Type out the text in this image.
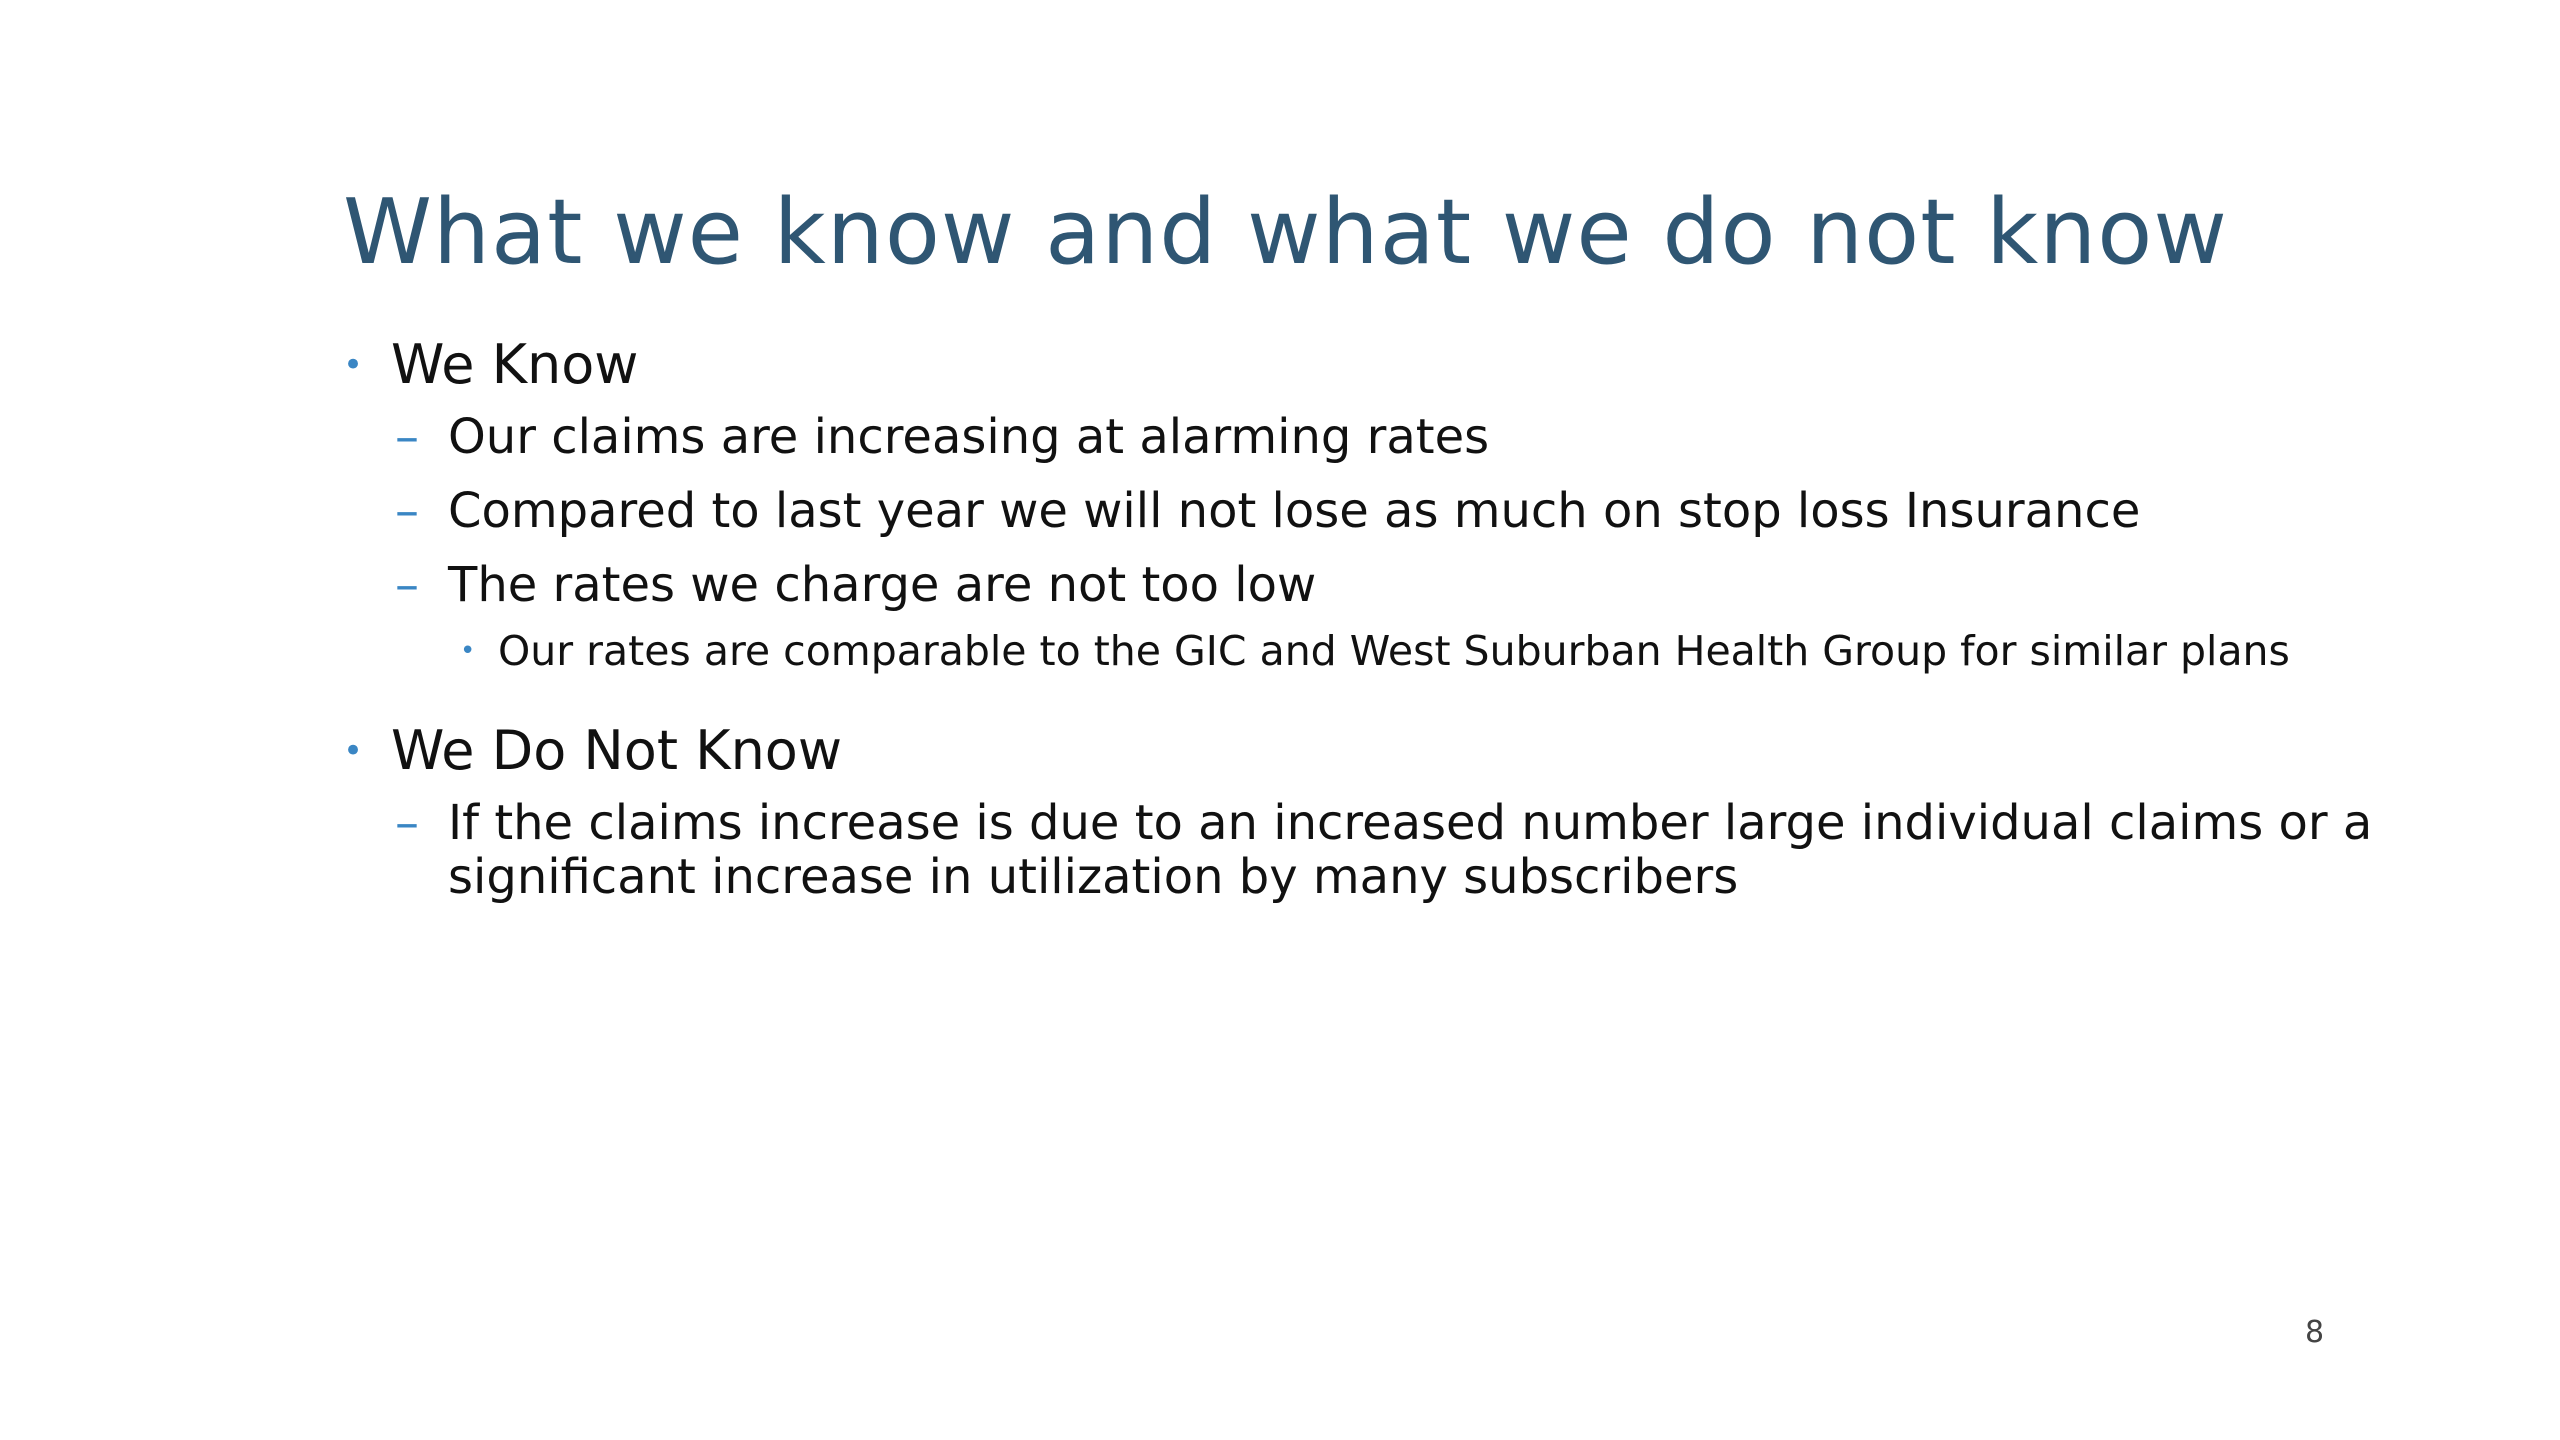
What we know and what we do not know
• We Know
– Our claims are increasing at alarming rates
– Compared to last year we will not lose as much on stop loss Insurance
– The rates we charge are not too low
• Our rates are comparable to the GIC and West Suburban Health Group for similar plans
• We Do Not Know
– If the claims increase is due to an increased number large individual claims or a significant increase in utilization by many subscribers
8
